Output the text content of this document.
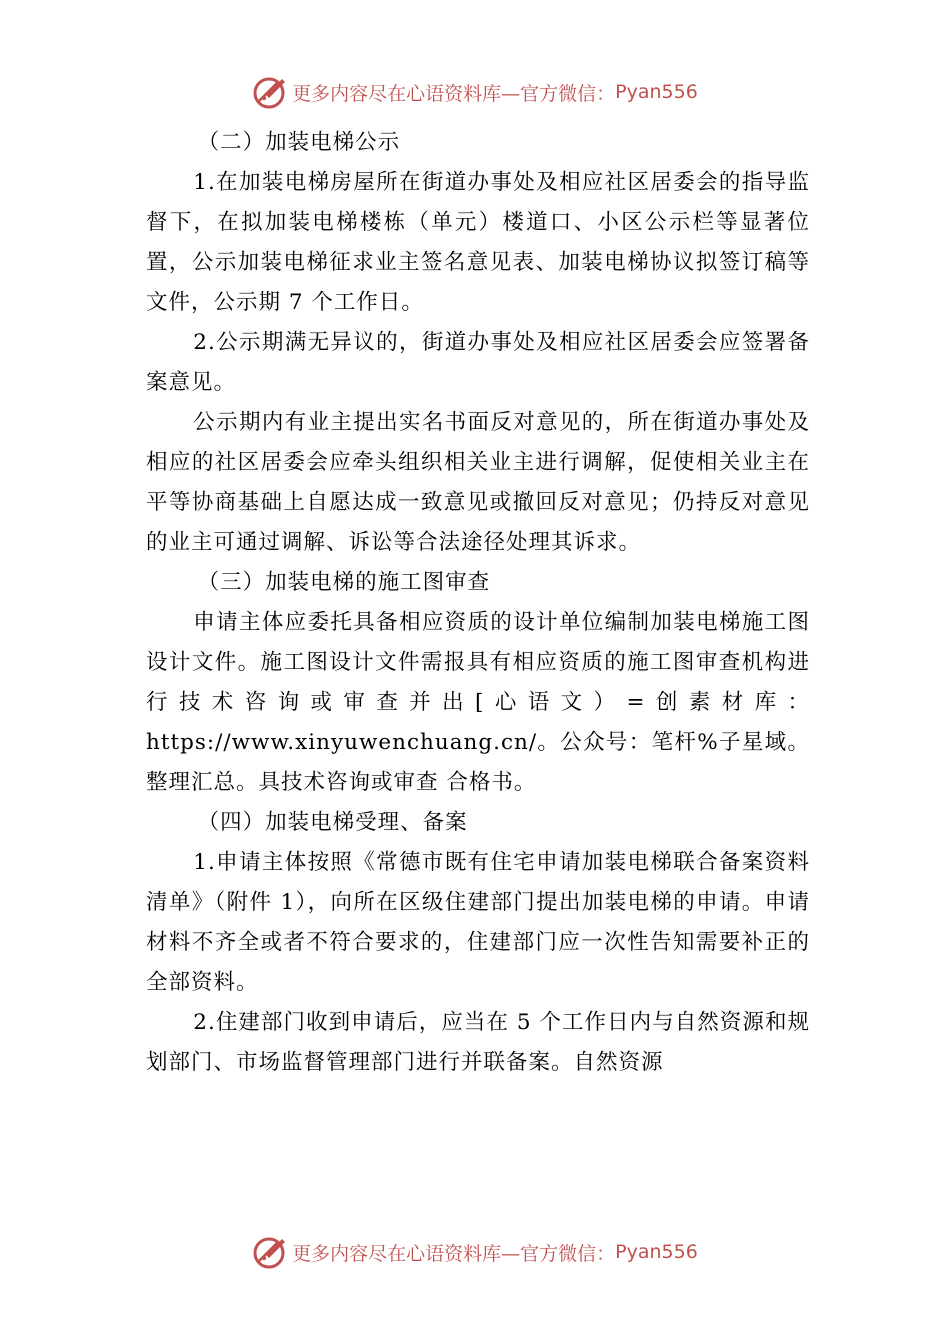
更多内容尽在心语资料库—官方微信： Pyan556

（二）加装电梯公示

1.在加装电梯房屋所在街道办事处及相应社区居委会的指导监督下，在拟加装电梯楼栋（单元）楼道口、小区公示栏等显著位置，公示加装电梯征求业主签名意见表、加装电梯协议拟签订稿等文件，公示期 7 个工作日。

2.公示期满无异议的，街道办事处及相应社区居委会应签署备案意见。

公示期内有业主提出实名书面反对意见的，所在街道办事处及相应的社区居委会应牵头组织相关业主进行调解，促使相关业主在平等协商基础上自愿达成一致意见或撤回反对意见；仍持反对意见的业主可通过调解、诉讼等合法途径处理其诉求。

（三）加装电梯的施工图审查

申请主体应委托具备相应资质的设计单位编制加装电梯施工图设计文件。施工图设计文件需报具有相应资质的施工图审查机构进行技术咨询或审查并出[心语文）=创素材库：https://www.xinyuwenchuang.cn/。公众号：笔杆%子星域。整理汇总。具技术咨询或审查 合格书。

（四）加装电梯受理、备案

1.申请主体按照《常德市既有住宅申请加装电梯联合备案资料清单》（附件 1），向所在区级住建部门提出加装电梯的申请。申请材料不齐全或者不符合要求的，住建部门应一次性告知需要补正的全部资料。

2.住建部门收到申请后，应当在 5 个工作日内与自然资源和规划部门、市场监督管理部门进行并联备案。自然资源

更多内容尽在心语资料库—官方微信： Pyan556
